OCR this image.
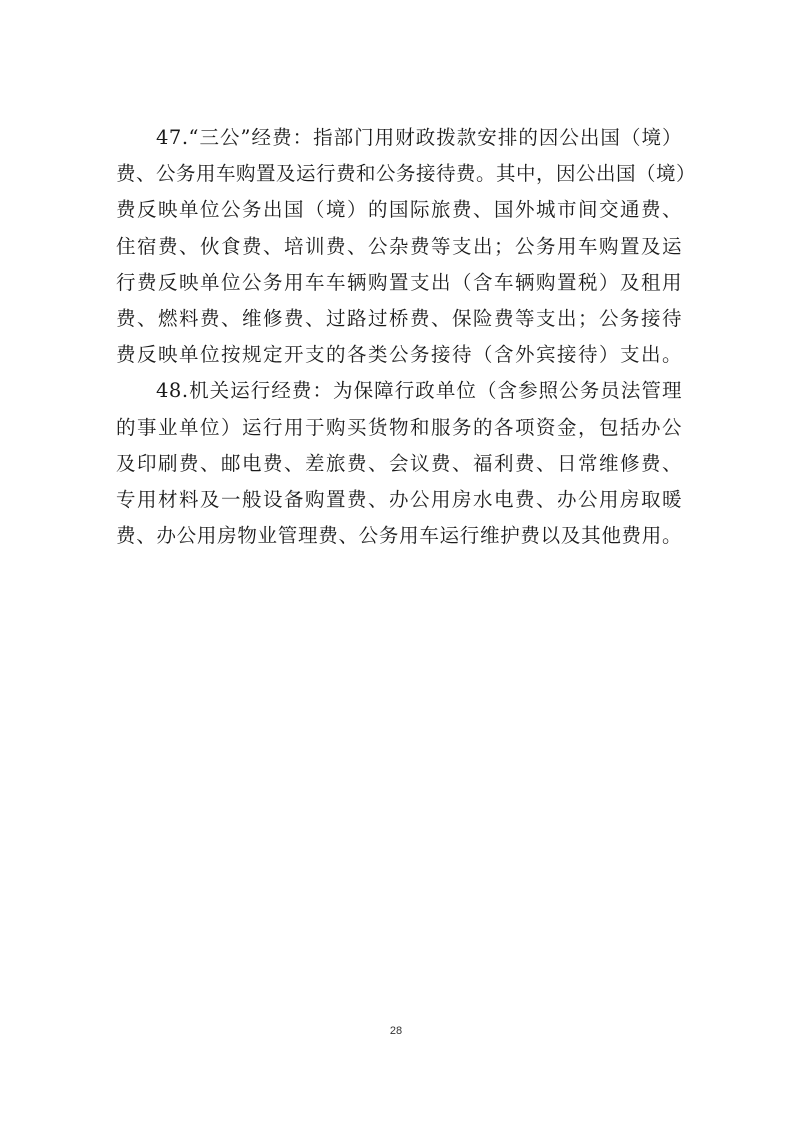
47.“三公”经费：指部门用财政拨款安排的因公出国（境）
费、公务用车购置及运行费和公务接待费。其中，因公出国（境）
费反映单位公务出国（境）的国际旅费、国外城市间交通费、
住宿费、伙食费、培训费、公杂费等支出；公务用车购置及运
行费反映单位公务用车车辆购置支出（含车辆购置税）及租用
费、燃料费、维修费、过路过桥费、保险费等支出；公务接待
费反映单位按规定开支的各类公务接待（含外宾接待）支出。
48.机关运行经费：为保障行政单位（含参照公务员法管理
的事业单位）运行用于购买货物和服务的各项资金，包括办公
及印刷费、邮电费、差旅费、会议费、福利费、日常维修费、
专用材料及一般设备购置费、办公用房水电费、办公用房取暖
费、办公用房物业管理费、公务用车运行维护费以及其他费用。
28
